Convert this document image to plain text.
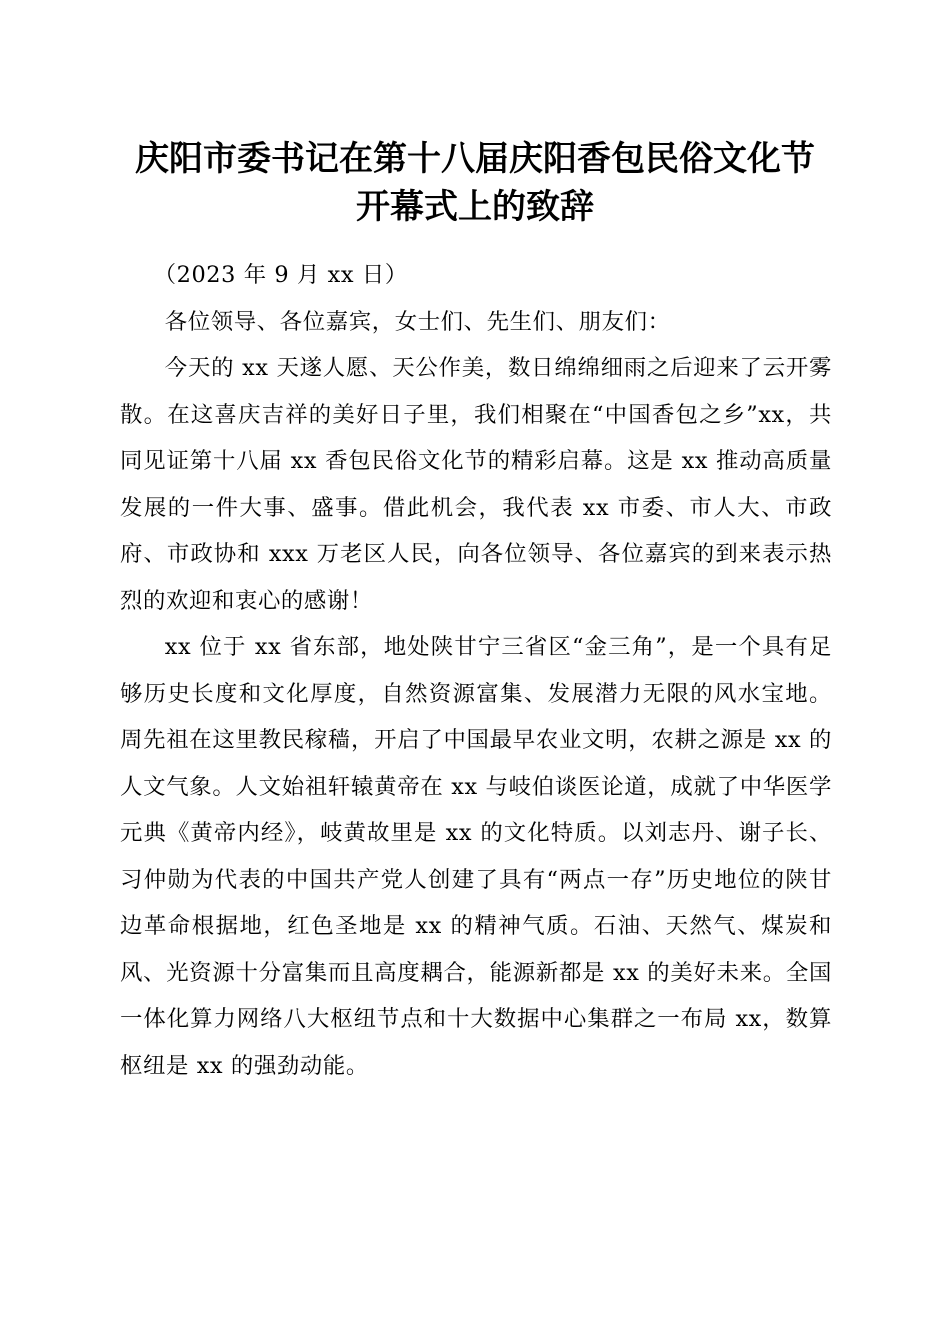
庆阳市委书记在第十八届庆阳香包民俗文化节
开幕式上的致辞

（2023 年 9 月 xx 日）

各位领导、各位嘉宾，女士们、先生们、朋友们：

今天的 xx 天遂人愿、天公作美，数日绵绵细雨之后迎来了云开雾散。在这喜庆吉祥的美好日子里，我们相聚在“中国香包之乡”xx，共同见证第十八届 xx 香包民俗文化节的精彩启幕。这是 xx 推动高质量发展的一件大事、盛事。借此机会，我代表 xx 市委、市人大、市政府、市政协和 xxx 万老区人民，向各位领导、各位嘉宾的到来表示热烈的欢迎和衷心的感谢！

xx 位于 xx 省东部，地处陕甘宁三省区“金三角”，是一个具有足够历史长度和文化厚度，自然资源富集、发展潜力无限的风水宝地。周先祖在这里教民稼穑，开启了中国最早农业文明，农耕之源是 xx 的人文气象。人文始祖轩辕黄帝在 xx 与岐伯谈医论道，成就了中华医学元典《黄帝内经》，岐黄故里是 xx 的文化特质。以刘志丹、谢子长、习仲勋为代表的中国共产党人创建了具有“两点一存”历史地位的陕甘边革命根据地，红色圣地是 xx 的精神气质。石油、天然气、煤炭和风、光资源十分富集而且高度耦合，能源新都是 xx 的美好未来。全国一体化算力网络八大枢纽节点和十大数据中心集群之一布局 xx，数算枢纽是 xx 的强劲动能。
